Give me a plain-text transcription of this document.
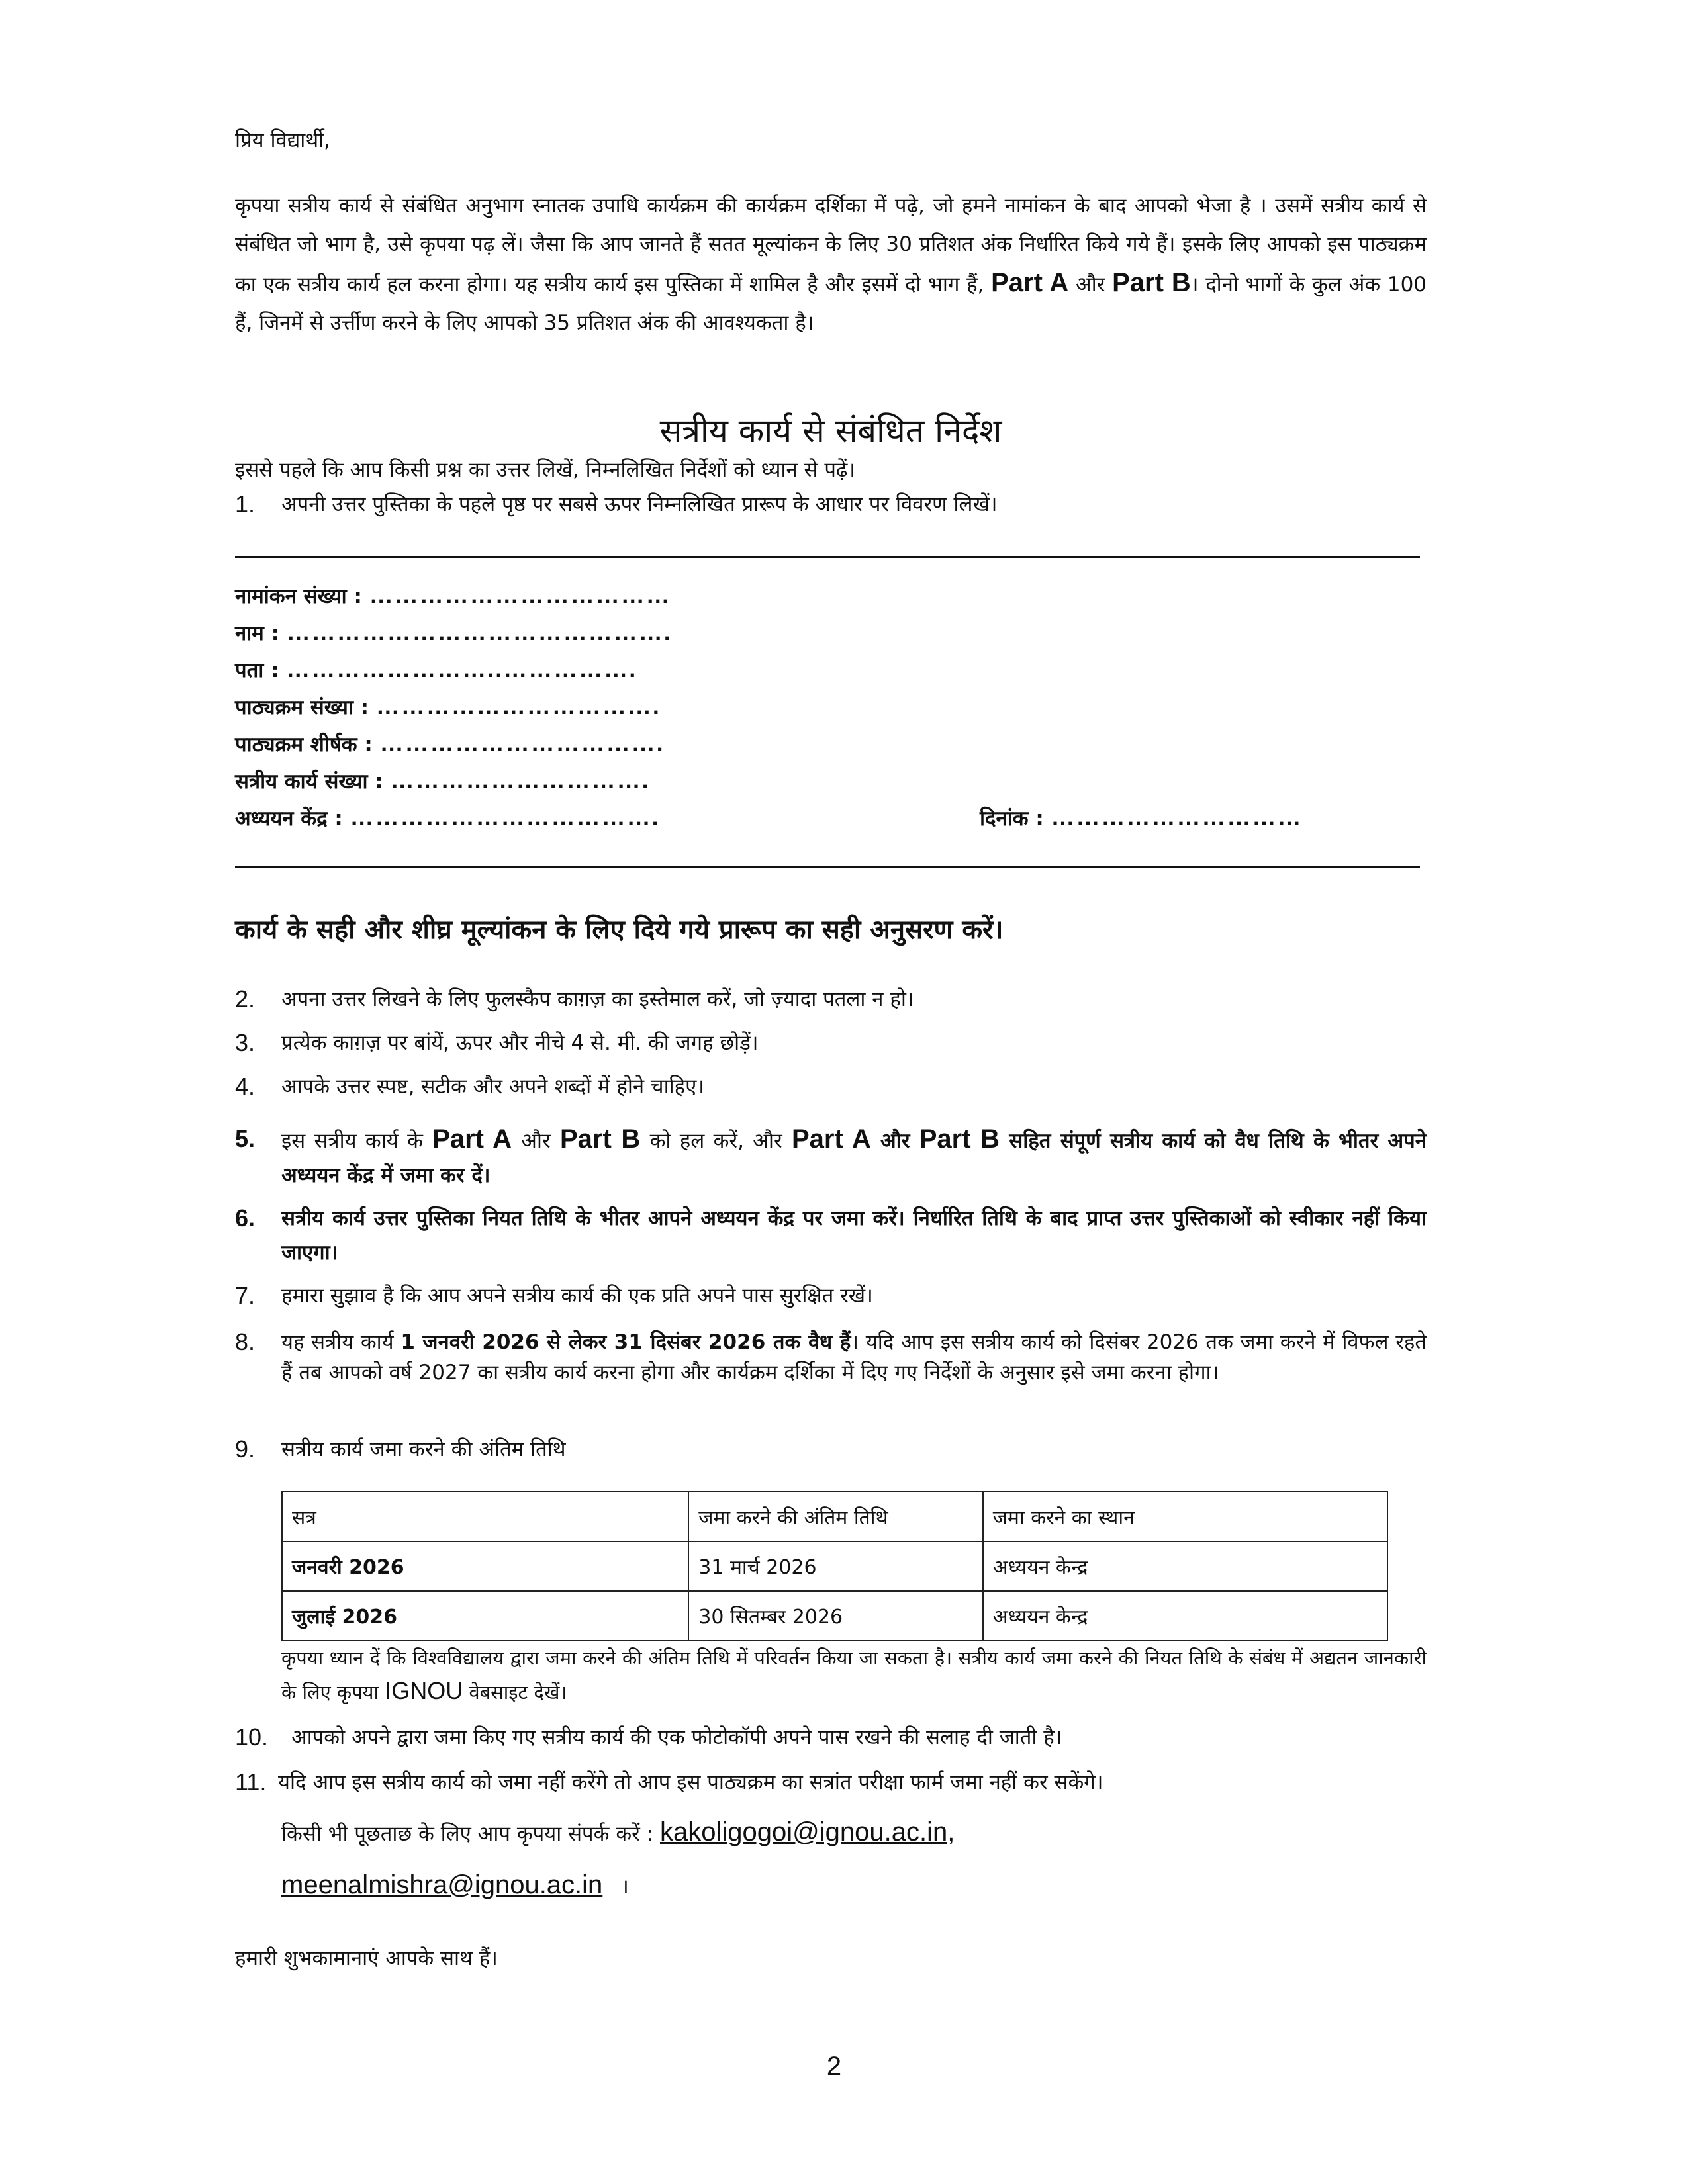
प्रिय विद्यार्थी,
कृपया सत्रीय कार्य से संबंधित अनुभाग स्नातक उपाधि कार्यक्रम की कार्यक्रम दर्शिका में पढ़े, जो हमने नामांकन के बाद आपको भेजा है । उसमें सत्रीय कार्य से संबंधित जो भाग है, उसे कृपया पढ़ लें। जैसा कि आप जानते हैं सतत मूल्यांकन के लिए 30 प्रतिशत अंक निर्धारित किये गये हैं। इसके लिए आपको इस पाठ्यक्रम का एक सत्रीय कार्य हल करना होगा। यह सत्रीय कार्य इस पुस्तिका में शामिल है और इसमें दो भाग हैं, Part A और Part B। दोनो भागों के कुल अंक 100 हैं, जिनमें से उर्त्तीण करने के लिए आपको 35 प्रतिशत अंक की आवश्यकता है।
सत्रीय कार्य से संबंधित निर्देश
इससे पहले कि आप किसी प्रश्न का उत्तर लिखें, निम्नलिखित निर्देशों को ध्यान से पढ़ें।
1. अपनी उत्तर पुस्तिका के पहले पृष्ठ पर सबसे ऊपर निम्नलिखित प्रारूप के आधार पर विवरण लिखें।
नामांकन संख्या : ………………………………
नाम : ……………………………………….
पता : ……………………..…………….
पाठ्यक्रम संख्या : …………………………….
पाठ्यक्रम शीर्षक : …………………………….
सत्रीय कार्य संख्या : ………………………….
अध्ययन केंद्र : ……………………………….	दिनांक : …………………………
कार्य के सही और शीघ्र मूल्यांकन के लिए दिये गये प्रारूप का सही अनुसरण करें।
2. अपना उत्तर लिखने के लिए फुलस्कैप काग़ज़ का इस्तेमाल करें, जो ज़्यादा पतला न हो।
3. प्रत्येक काग़ज़ पर बांयें, ऊपर और नीचे 4 से. मी. की जगह छोड़ें।
4. आपके उत्तर स्पष्ट, सटीक और अपने शब्दों में होने चाहिए।
5. इस सत्रीय कार्य के Part A और Part B को हल करें, और Part A और Part B सहित संपूर्ण सत्रीय कार्य को वैध तिथि के भीतर अपने अध्ययन केंद्र में जमा कर दें।
6. सत्रीय कार्य उत्तर पुस्तिका नियत तिथि के भीतर आपने अध्ययन केंद्र पर जमा करें। निर्धारित तिथि के बाद प्राप्त उत्तर पुस्तिकाओं को स्वीकार नहीं किया जाएगा।
7. हमारा सुझाव है कि आप अपने सत्रीय कार्य की एक प्रति अपने पास सुरक्षित रखें।
8. यह सत्रीय कार्य 1 जनवरी 2026 से लेकर 31 दिसंबर 2026 तक वैध हैं। यदि आप इस सत्रीय कार्य को दिसंबर 2026 तक जमा करने में विफल रहते हैं तब आपको वर्ष 2027 का सत्रीय कार्य करना होगा और कार्यक्रम दर्शिका में दिए गए निर्देशों के अनुसार इसे जमा करना होगा।
9. सत्रीय कार्य जमा करने की अंतिम तिथि
सत्र	जमा करने की अंतिम तिथि	जमा करने का स्थान
जनवरी 2026	31 मार्च 2026	अध्ययन केन्द्र
जुलाई 2026	30 सितम्बर 2026	अध्ययन केन्द्र
कृपया ध्यान दें कि विश्वविद्यालय द्वारा जमा करने की अंतिम तिथि में परिवर्तन किया जा सकता है। सत्रीय कार्य जमा करने की नियत तिथि के संबंध में अद्यतन जानकारी के लिए कृपया IGNOU वेबसाइट देखें।
10. आपको अपने द्वारा जमा किए गए सत्रीय कार्य की एक फोटोकॉपी अपने पास रखने की सलाह दी जाती है।
11. यदि आप इस सत्रीय कार्य को जमा नहीं करेंगे तो आप इस पाठ्यक्रम का सत्रांत परीक्षा फार्म जमा नहीं कर सकेंगे।
किसी भी पूछताछ के लिए आप कृपया संपर्क करें : kakoligogoi@ignou.ac.in,
meenalmishra@ignou.ac.in ।
हमारी शुभकामानाएं आपके साथ हैं।
2
